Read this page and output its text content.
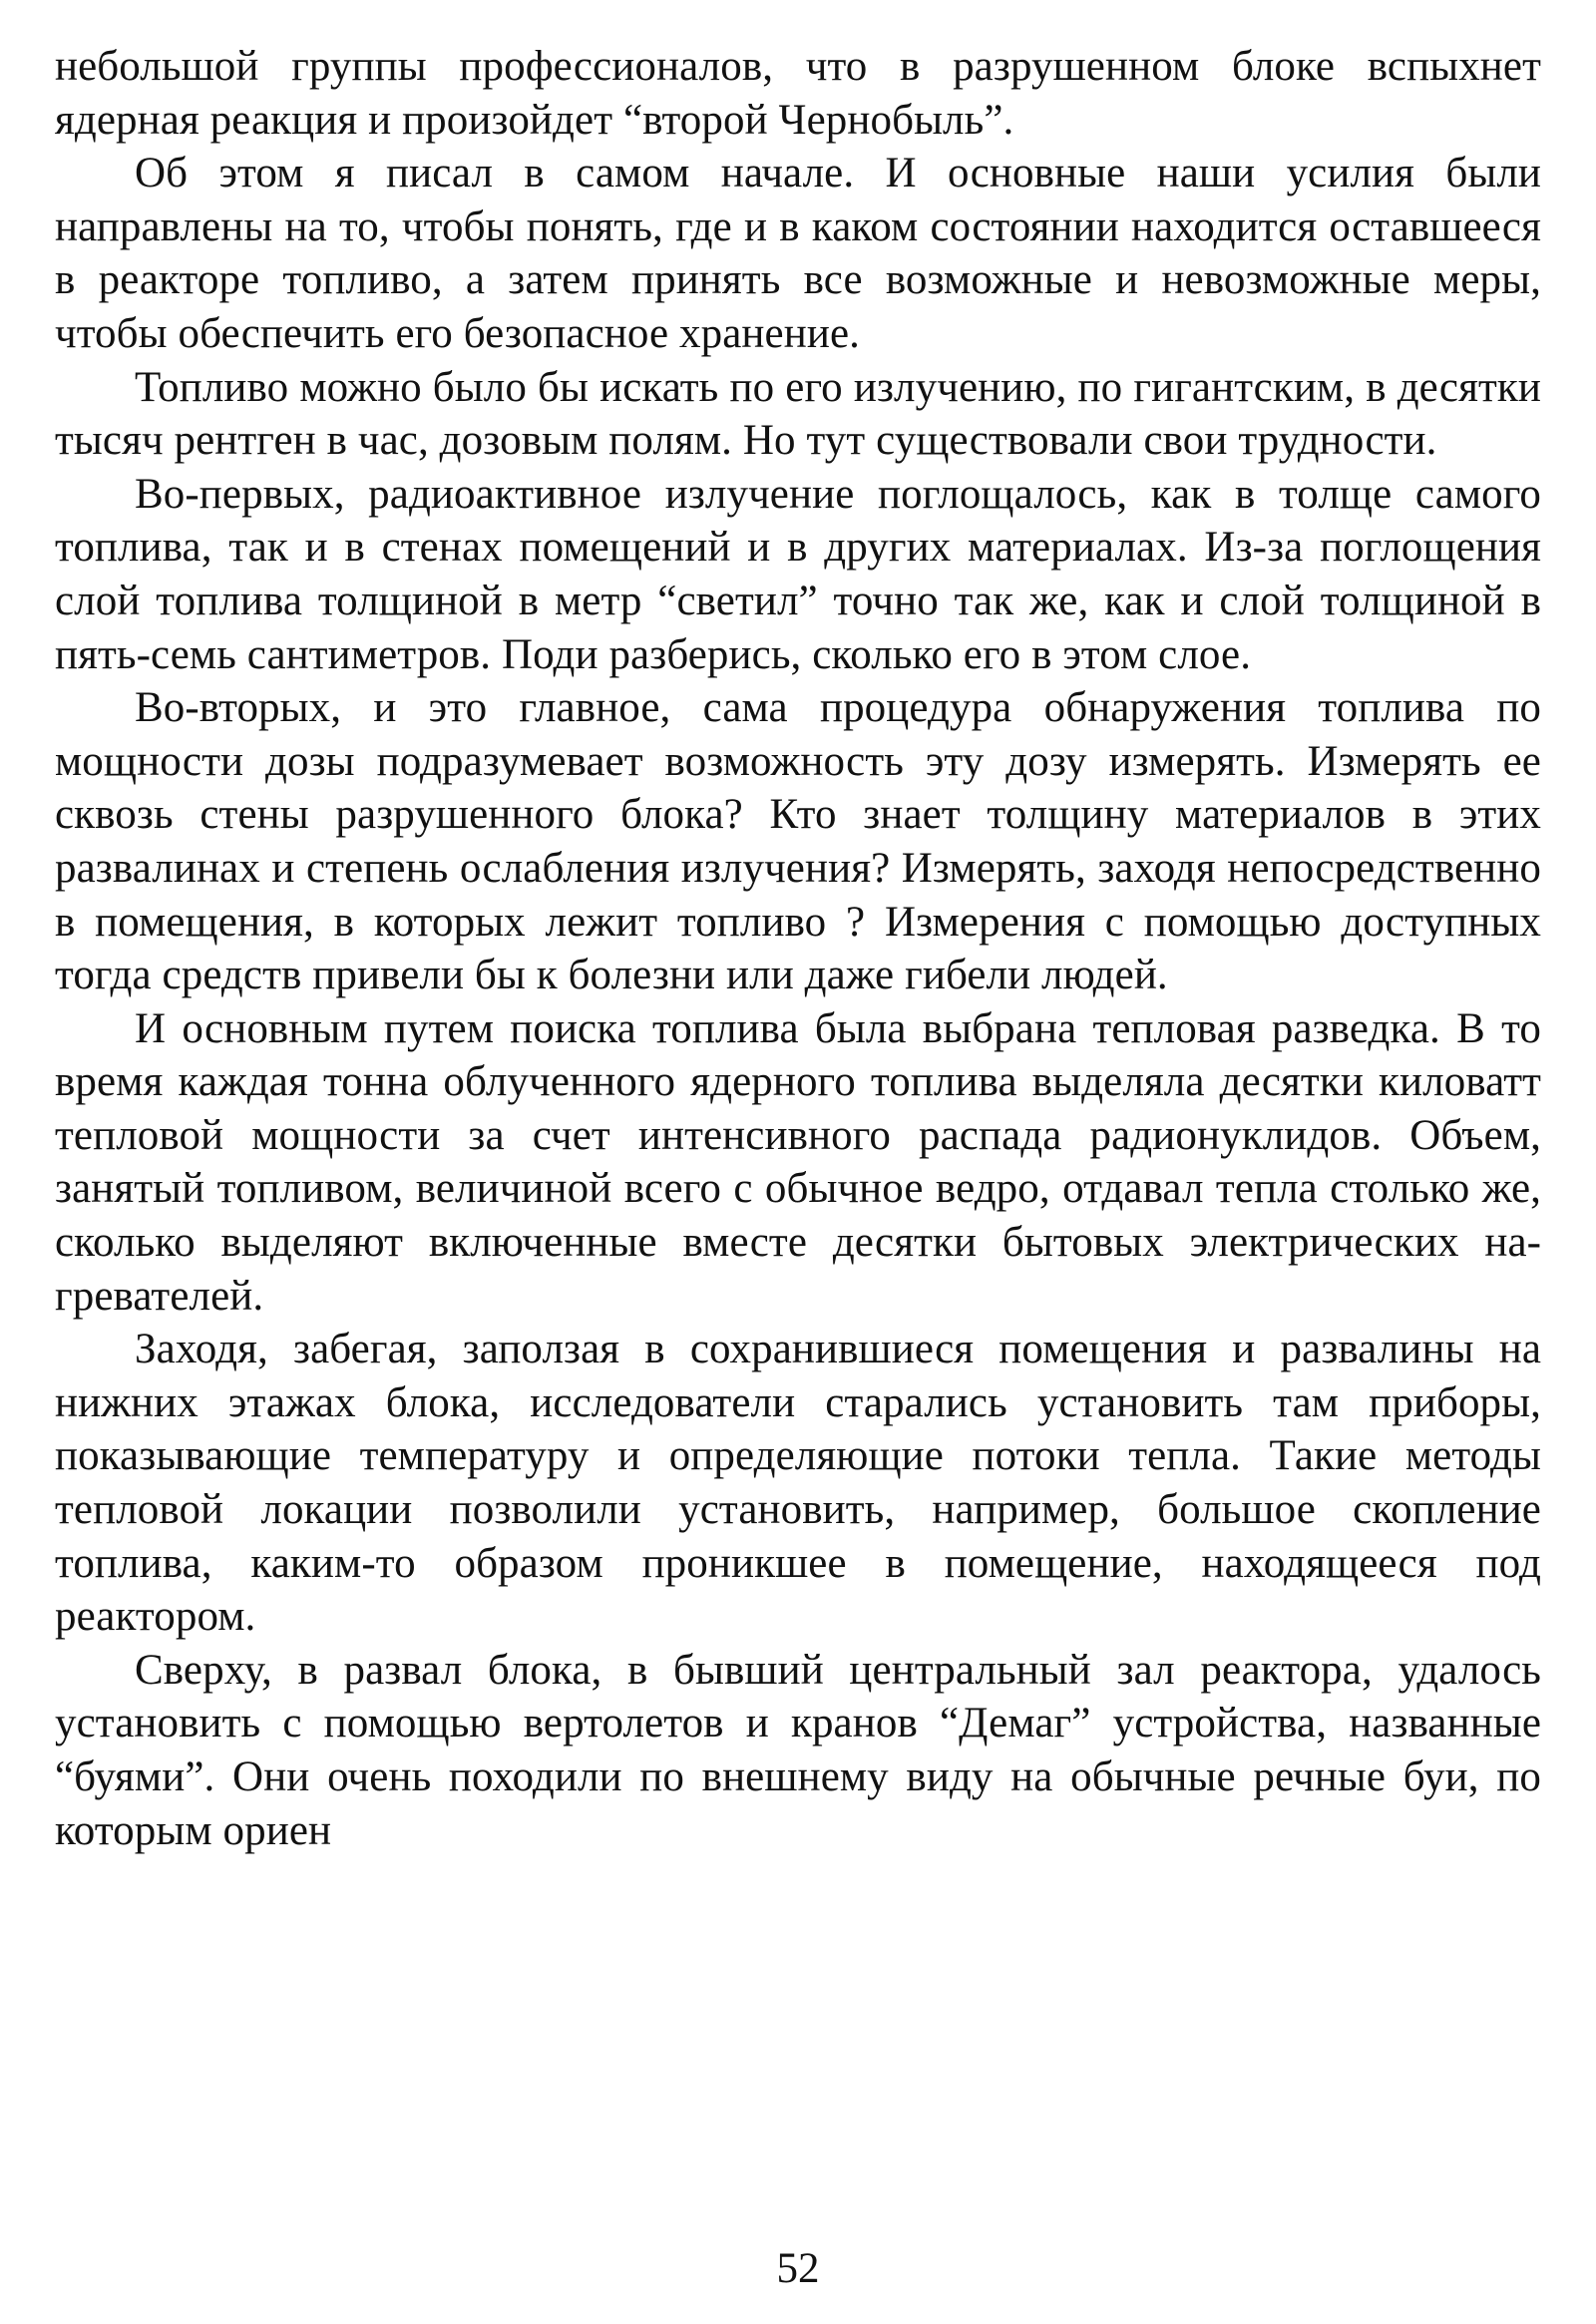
небольшой группы профессионалов, что в разрушенном блоке вспыхнет ядерная реакция и произойдет “второй Чернобыль”.

Об этом я писал в самом начале. И основные наши усилия были направлены на то, чтобы понять, где и в каком состоянии находится оставшееся в реакторе топливо, а затем принять все возможные и невозможные меры, чтобы обеспечить его безопасное хранение.

Топливо можно было бы искать по его излучению, по гигантским, в десятки тысяч рентген в час, дозовым полям. Но тут существовали свои трудности.

Во-первых, радиоактивное излучение поглощалось, как в толще самого топлива, так и в стенах помещений и в других материалах. Из-за поглощения слой топлива толщиной в метр “светил” точно так же, как и слой толщиной в пять-семь сантиметров. Поди разберись, сколько его в этом слое.

Во-вторых, и это главное, сама процедура обнаружения топлива по мощности дозы подразумевает возможность эту дозу измерять. Измерять ее сквозь стены разрушенного блока? Кто знает толщину материалов в этих развалинах и степень ослабления излучения? Измерять, заходя непосредственно в помещения, в которых лежит топливо ? Измерения с помощью доступных тогда средств привели бы к болезни или даже гибели людей.

И основным путем поиска топлива была выбрана тепловая разведка. В то время каждая тонна облученного ядерного топлива выделяла десятки киловатт тепловой мощности за счет интенсивного распада радионуклидов. Объем, занятый топливом, величиной всего с обычное ведро, отдавал тепла столько же, сколько выделяют включенные вместе десятки бытовых электрических нагревателей.

Заходя, забегая, заползая в сохранившиеся помещения и развалины на нижних этажах блока, исследователи старались установить там приборы, показывающие температуру и определяющие потоки тепла. Такие методы тепловой локации позволили установить, например, большое скопление топлива, каким-то образом проникшее в помещение, находящееся под реактором.

Сверху, в развал блока, в бывший центральный зал реактора, удалось установить с помощью вертолетов и кранов “Демаг” устройства, названные “буями”. Они очень походили по внешнему виду на обычные речные буи, по которым ориен

52
